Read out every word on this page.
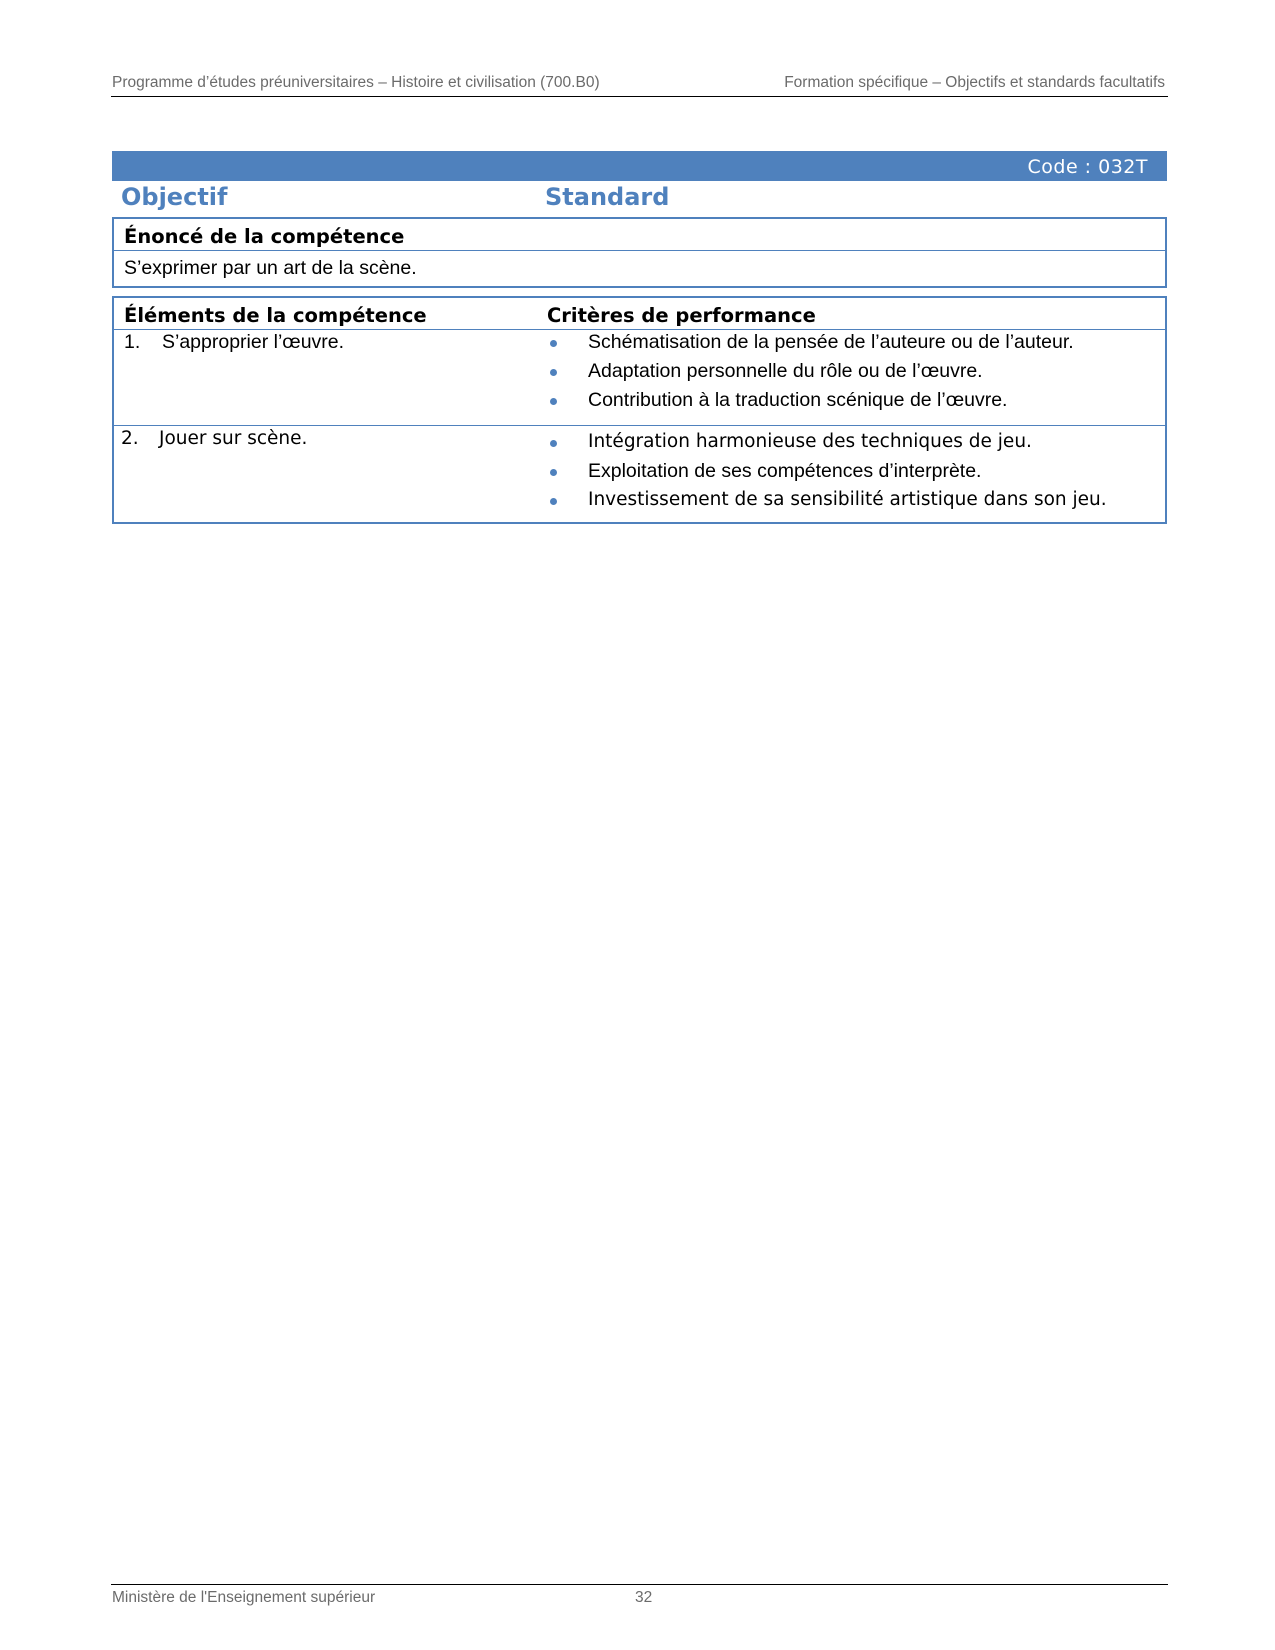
Programme d’études préuniversitaires – Histoire et civilisation (700.B0)	Formation spécifique – Objectifs et standards facultatifs
Code : 032T
Objectif	Standard
Énoncé de la compétence
S’exprimer par un art de la scène.
Éléments de la compétence	Critères de performance
1. S’approprier l’œuvre.	Schématisation de la pensée de l’auteure ou de l’auteur.
Adaptation personnelle du rôle ou de l’œuvre.
Contribution à la traduction scénique de l’œuvre.
2. Jouer sur scène.	Intégration harmonieuse des techniques de jeu.
Exploitation de ses compétences d’interprète.
Investissement de sa sensibilité artistique dans son jeu.
Ministère de l'Enseignement supérieur	32
